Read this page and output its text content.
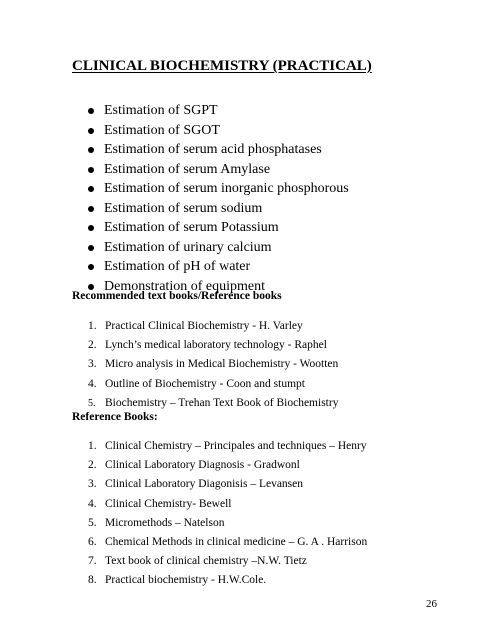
CLINICAL BIOCHEMISTRY (PRACTICAL)
Estimation of SGPT
Estimation of SGOT
Estimation of serum acid phosphatases
Estimation of serum Amylase
Estimation of serum inorganic phosphorous
Estimation of serum sodium
Estimation of serum Potassium
Estimation of urinary calcium
Estimation of pH of water
Demonstration of equipment
Recommended text books/Reference books
1. Practical Clinical Biochemistry - H. Varley
2. Lynch’s medical laboratory technology - Raphel
3. Micro analysis in Medical Biochemistry - Wootten
4. Outline of Biochemistry - Coon and stumpt
5. Biochemistry – Trehan Text Book of Biochemistry
Reference Books:
1. Clinical Chemistry – Principales and techniques – Henry
2. Clinical Laboratory Diagnosis - Gradwonl
3. Clinical Laboratory Diagonisis – Levansen
4. Clinical Chemistry- Bewell
5. Micromethods – Natelson
6. Chemical Methods in clinical medicine – G. A . Harrison
7. Text book of clinical chemistry –N.W. Tietz
8. Practical biochemistry - H.W.Cole.

26
